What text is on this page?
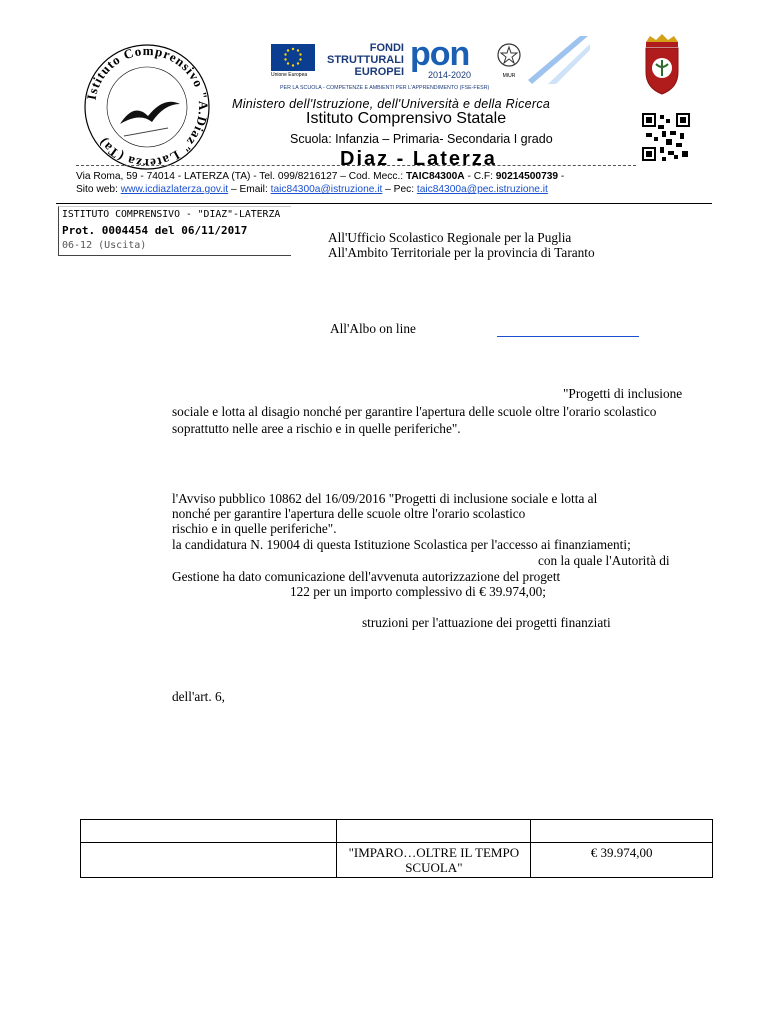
Istituto Comprensivo "A.Diaz" Laterza (Ta)
Unione Europea
FONDI STRUTTURALI EUROPEI pon
2014-2020	MIUR
PER LA SCUOLA - COMPETENZE E AMBIENTI PER L'APPRENDIMENTO (FSE-FESR)
Ministero dell'Istruzione, dell'Università e della Ricerca
Istituto Comprensivo Statale
Scuola: Infanzia – Primaria- Secondaria I grado
Diaz - Laterza
Via Roma, 59 - 74014 - LATERZA (TA) - Tel. 099/8216127 – Cod. Mecc.: TAIC84300A - C.F: 90214500739 -
Sito web: www.icdiazlaterza.gov.it – Email: taic84300a@istruzione.it – Pec: taic84300a@pec.istruzione.it
ISTITUTO COMPRENSIVO - "DIAZ"-LATERZA
Prot. 0004454 del 06/11/2017
06-12 (Uscita)
All'Ufficio Scolastico Regionale per la Puglia
All'Ambito Territoriale per la provincia di Taranto
All'Albo on line
"Progetti di inclusione
sociale e lotta al disagio nonché per garantire l'apertura delle scuole oltre l'orario scolastico
soprattutto nelle aree a rischio e in quelle periferiche".
l'Avviso pubblico 10862 del 16/09/2016 "Progetti di inclusione sociale e lotta al
nonché per garantire l'apertura delle scuole oltre l'orario scolastico
rischio e in quelle periferiche".
la candidatura N. 19004 di questa Istituzione Scolastica per l'accesso ai finanziamenti;
con la quale l'Autorità di
Gestione ha dato comunicazione dell'avvenuta autorizzazione del progett
122 per un importo complessivo di € 39.974,00;
struzioni per l'attuazione dei progetti finanziati
dell'art. 6,

	"IMPARO…OLTRE IL TEMPO SCUOLA"	€ 39.974,00
